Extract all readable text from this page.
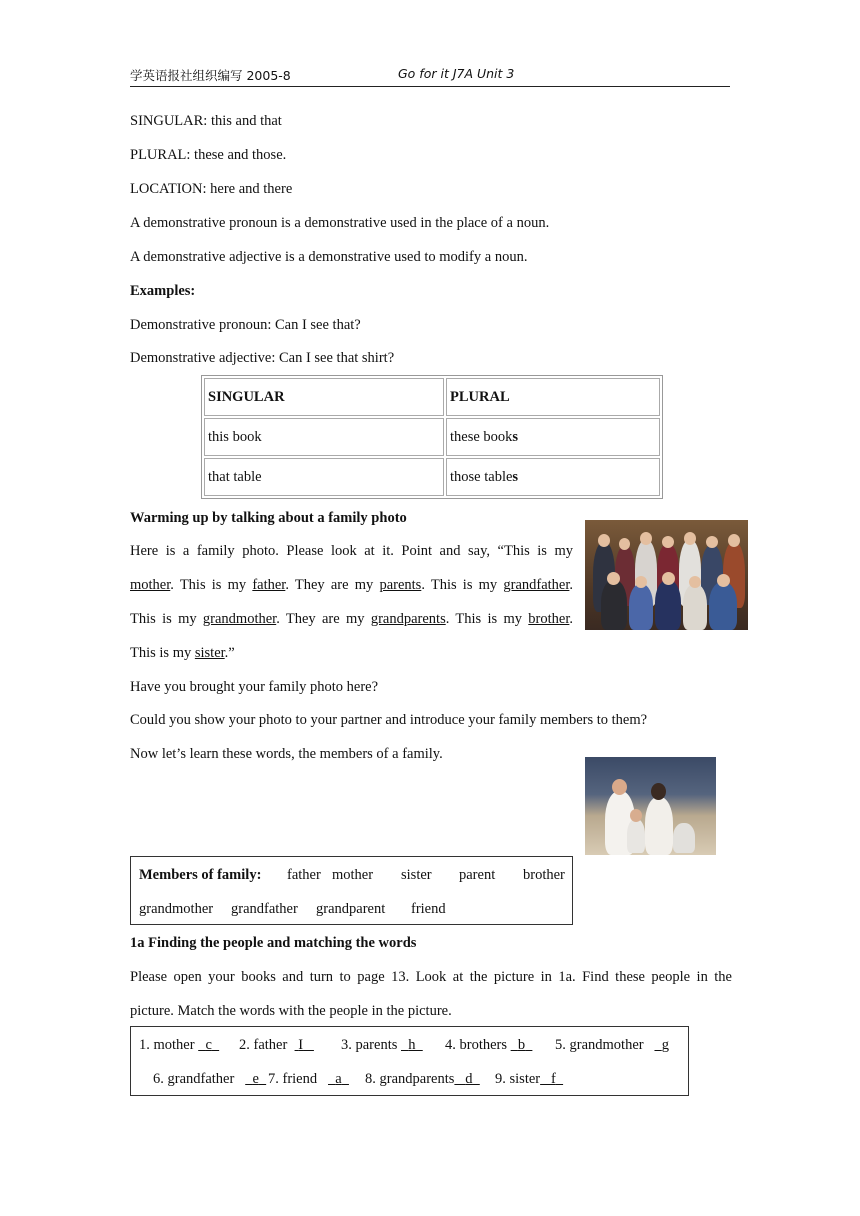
学英语报社组织编写 2005-8	Go for it J7A Unit 3
SINGULAR: this and that
PLURAL: these and those.
LOCATION: here and there
A demonstrative pronoun is a demonstrative used in the place of a noun.
A demonstrative adjective is a demonstrative used to modify a noun.
Examples:
Demonstrative pronoun: Can I see that?
Demonstrative adjective: Can I see that shirt?
SINGULAR	PLURAL
this book	these books
that table	those tables
Warming up by talking about a family photo
Here is a family photo. Please look at it. Point and say, “This is my
mother. This is my father. They are my parents. This is my grandfather.
This is my grandmother. They are my grandparents. This is my brother.
This is my sister.”
Have you brought your family photo here?
Could you show your photo to your partner and introduce your family members to them?
Now let’s learn these words, the members of a family.
Members of family: father mother sister parent brother
grandmother grandfather grandparent friend
1a Finding the people and matching the words
Please open your books and turn to page 13. Look at the picture in 1a. Find these people in the
picture. Match the words with the people in the picture.
1. mother c	2. father I	3. parents h	4. brothers b	5. grandmother g
6. grandfather e 7. friend a	8. grandparents d	9. sister f
